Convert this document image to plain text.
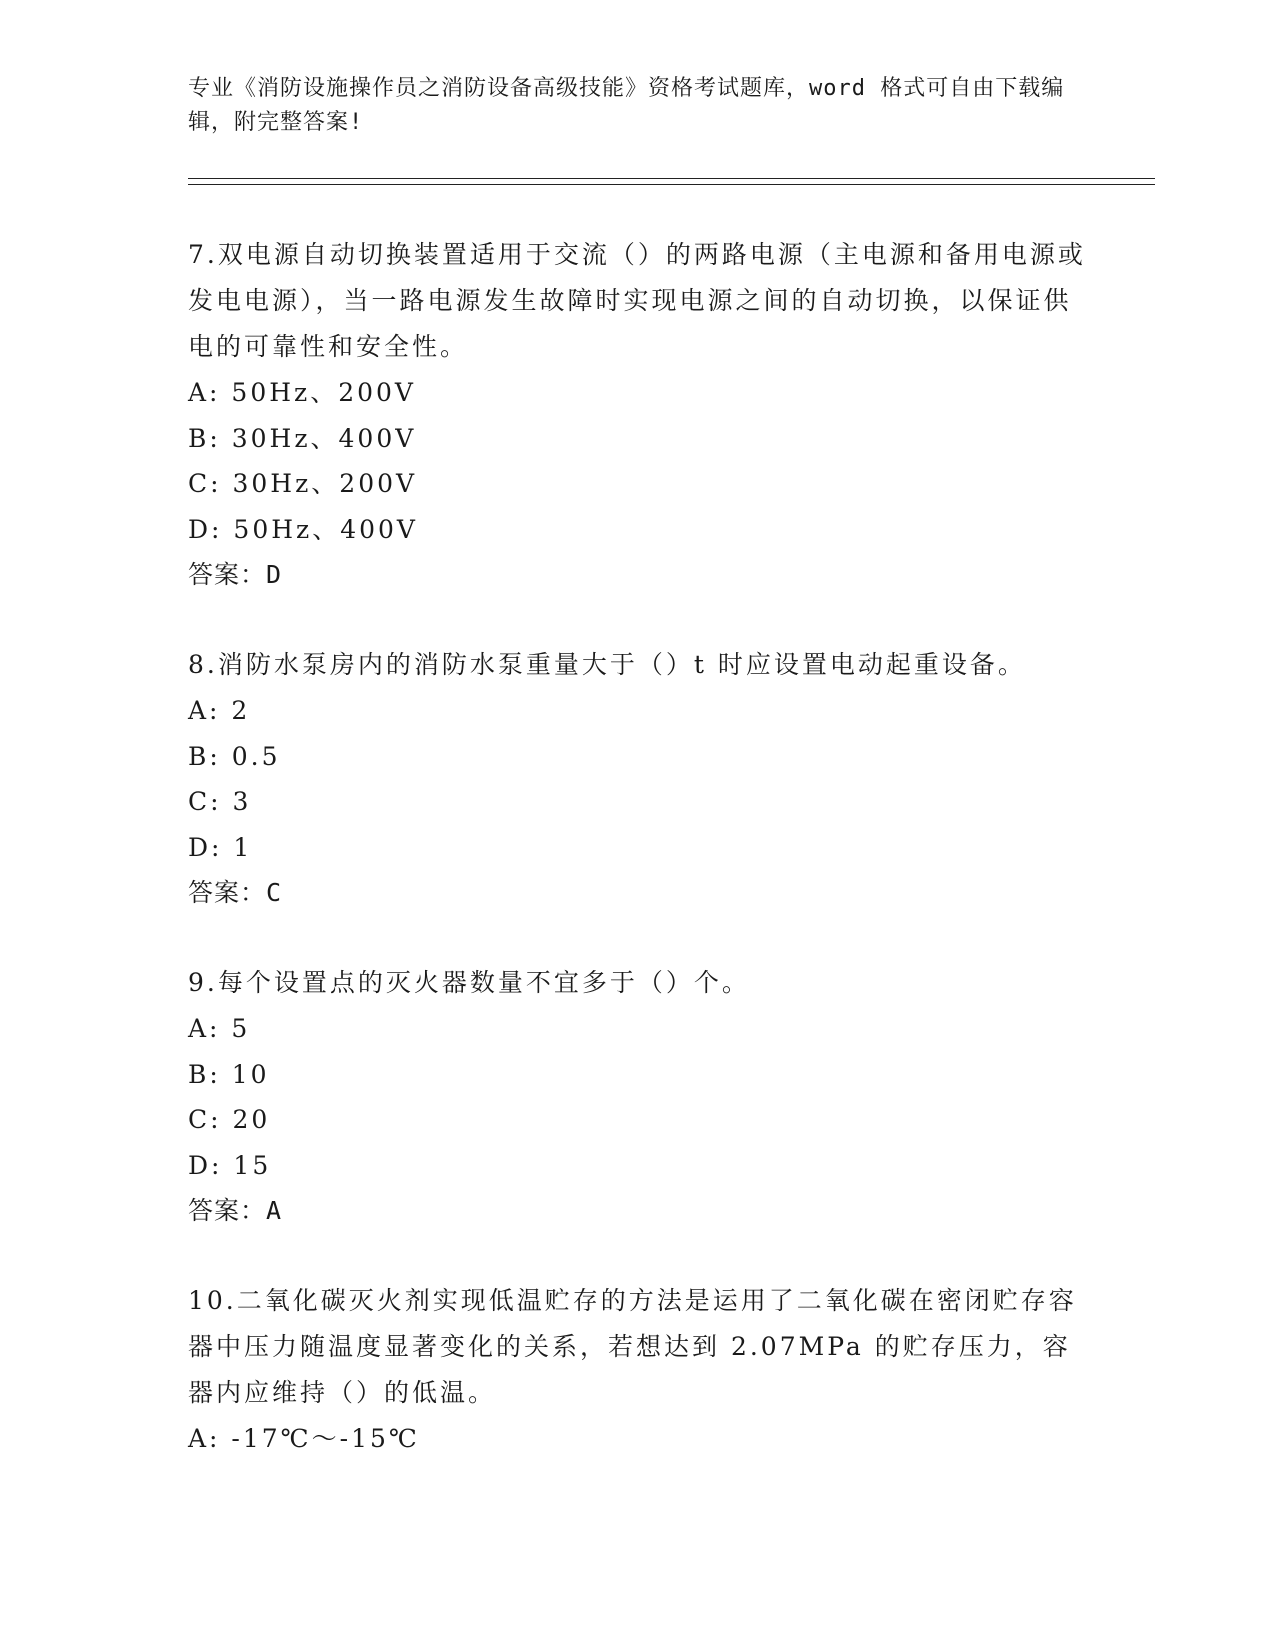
专业《消防设施操作员之消防设备高级技能》资格考试题库，word 格式可自由下载编辑，附完整答案!
7.双电源自动切换装置适用于交流（）的两路电源（主电源和备用电源或发电电源），当一路电源发生故障时实现电源之间的自动切换，以保证供电的可靠性和安全性。
A: 50Hz、200V
B: 30Hz、400V
C: 30Hz、200V
D: 50Hz、400V
答案：D
8.消防水泵房内的消防水泵重量大于（）t 时应设置电动起重设备。
A: 2
B: 0.5
C: 3
D: 1
答案：C
9.每个设置点的灭火器数量不宜多于（）个。
A: 5
B: 10
C: 20
D: 15
答案：A
10.二氧化碳灭火剂实现低温贮存的方法是运用了二氧化碳在密闭贮存容器中压力随温度显著变化的关系，若想达到 2.07MPa 的贮存压力，容器内应维持（）的低温。
A: -17℃～-15℃
